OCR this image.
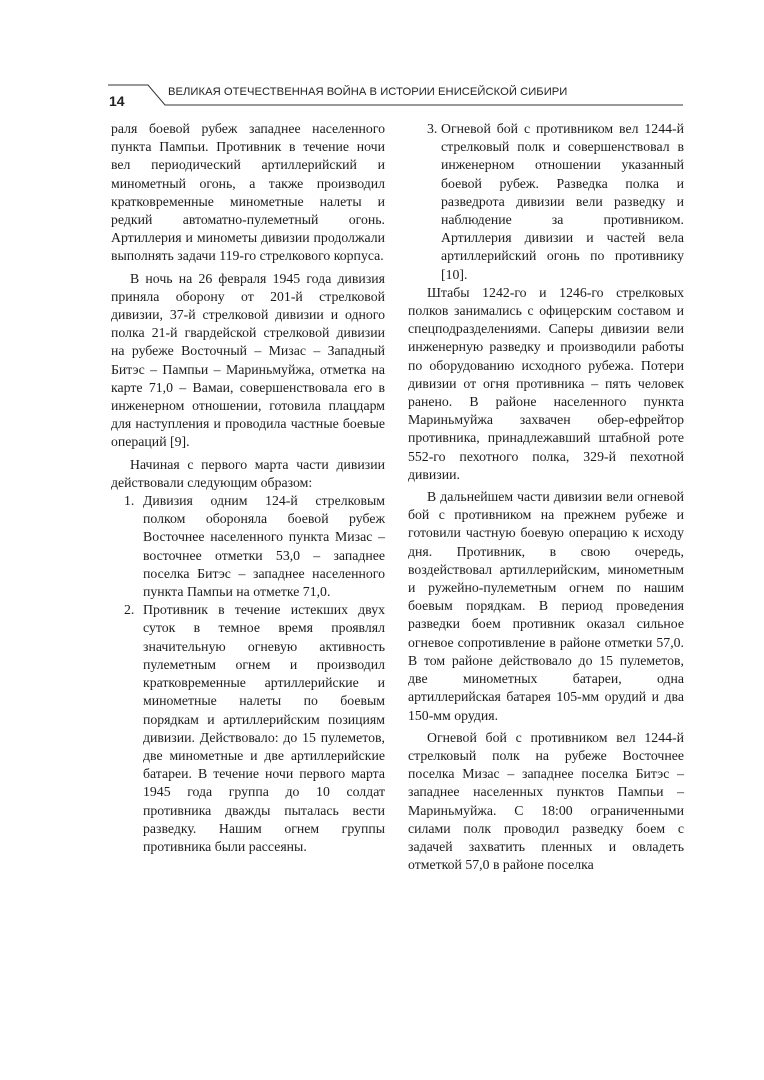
14
ВЕЛИКАЯ ОТЕЧЕСТВЕННАЯ ВОЙНА В ИСТОРИИ ЕНИСЕЙСКОЙ СИБИРИ

раля боевой рубеж западнее населенного пункта Пампьи. Противник в течение ночи вел периодический артиллерийский и минометный огонь, а также производил кратковременные минометные налеты и редкий автоматно-пулеметный огонь. Артиллерия и минометы дивизии продолжали выполнять задачи 119-го стрелкового корпуса.

В ночь на 26 февраля 1945 года дивизия приняла оборону от 201-й стрелковой дивизии, 37-й стрелковой дивизии и одного полка 21-й гвардейской стрелковой дивизии на рубеже Восточный – Мизас – Западный Битэс – Пампьи – Мариньмуйжа, отметка на карте 71,0 – Вамаи, совершенствовала его в инженерном отношении, готовила плацдарм для наступления и проводила частные боевые операций [9].

Начиная с первого марта части дивизии действовали следующим образом:

1. Дивизия одним 124-й стрелковым полком обороняла боевой рубеж Восточнее населенного пункта Мизас – восточнее отметки 53,0 – западнее поселка Битэс – западнее населенного пункта Пампьи на отметке 71,0.
2. Противник в течение истекших двух суток в темное время проявлял значительную огневую активность пулеметным огнем и производил кратковременные артиллерийские и минометные налеты по боевым порядкам и артиллерийским позициям дивизии. Действовало: до 15 пулеметов, две минометные и две артиллерийские батареи. В течение ночи первого марта 1945 года группа до 10 солдат противника дважды пыталась вести разведку. Нашим огнем группы противника были рассеяны.
3. Огневой бой с противником вел 1244-й стрелковый полк и совершенствовал в инженерном отношении указанный боевой рубеж. Разведка полка и разведрота дивизии вели разведку и наблюдение за противником. Артиллерия дивизии и частей вела артиллерийский огонь по противнику [10].

Штабы 1242-го и 1246-го стрелковых полков занимались с офицерским составом и спецподразделениями. Саперы дивизии вели инженерную разведку и производили работы по оборудованию исходного рубежа. Потери дивизии от огня противника – пять человек ранено. В районе населенного пункта Мариньмуйжа захвачен обер-ефрейтор противника, принадлежавший штабной роте 552-го пехотного полка, 329-й пехотной дивизии.

В дальнейшем части дивизии вели огневой бой с противником на прежнем рубеже и готовили частную боевую операцию к исходу дня. Противник, в свою очередь, воздействовал артиллерийским, минометным и ружейно-пулеметным огнем по нашим боевым порядкам. В период проведения разведки боем противник оказал сильное огневое сопротивление в районе отметки 57,0. В том районе действовало до 15 пулеметов, две минометных батареи, одна артиллерийская батарея 105-мм орудий и два 150-мм орудия.

Огневой бой с противником вел 1244-й стрелковый полк на рубеже Восточнее поселка Мизас – западнее поселка Битэс – западнее населенных пунктов Пампьи – Мариньмуйжа. С 18:00 ограниченными силами полк проводил разведку боем с задачей захватить пленных и овладеть отметкой 57,0 в районе поселка
